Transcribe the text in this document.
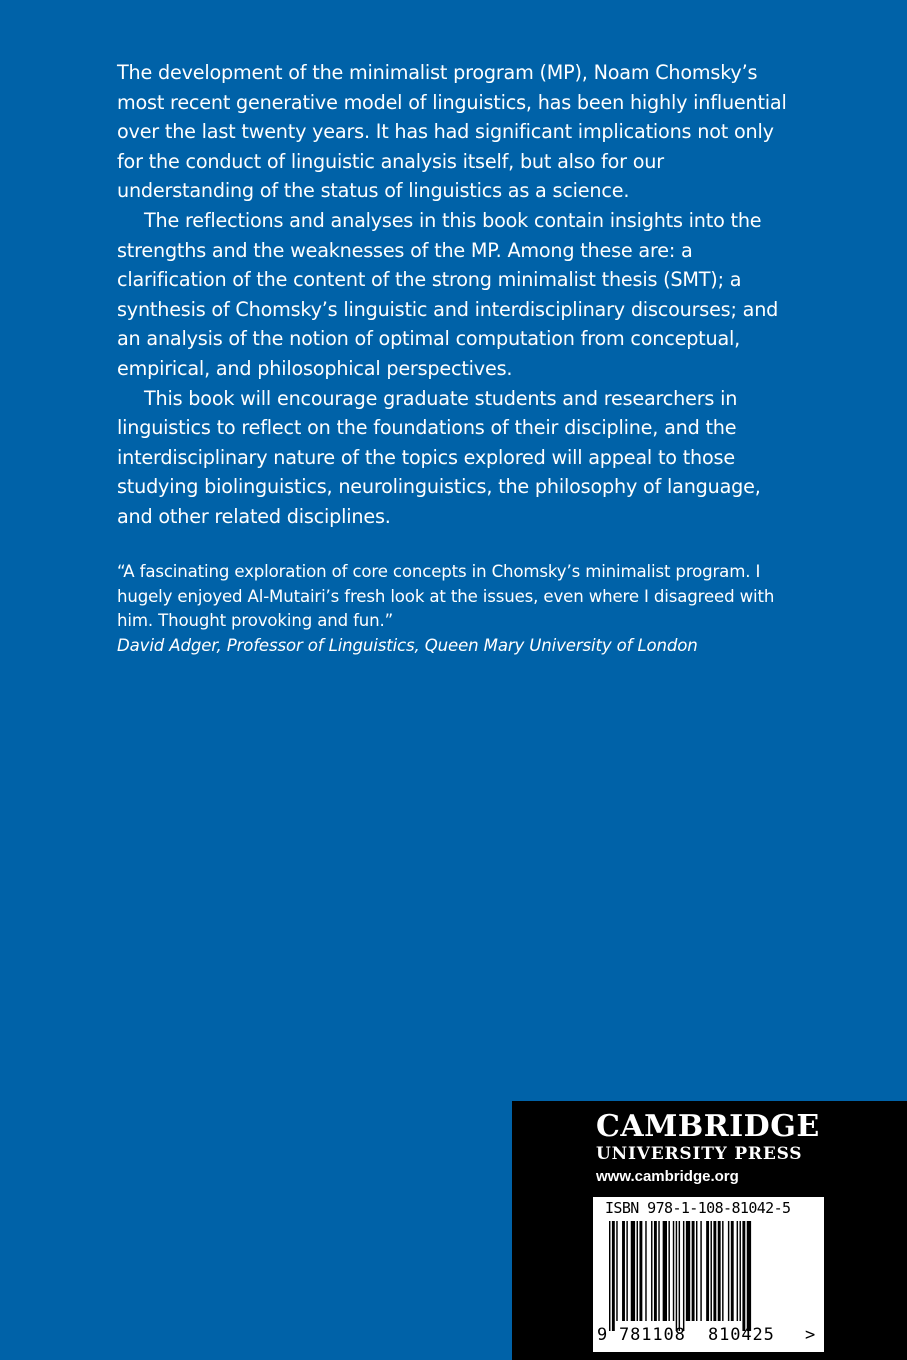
The development of the minimalist program (MP), Noam Chomsky’s most recent generative model of linguistics, has been highly influential over the last twenty years. It has had significant implications not only for the conduct of linguistic analysis itself, but also for our understanding of the status of linguistics as a science.

The reflections and analyses in this book contain insights into the strengths and the weaknesses of the MP. Among these are: a clarification of the content of the strong minimalist thesis (SMT); a synthesis of Chomsky’s linguistic and interdisciplinary discourses; and an analysis of the notion of optimal computation from conceptual, empirical, and philosophical perspectives.

This book will encourage graduate students and researchers in linguistics to reflect on the foundations of their discipline, and the interdisciplinary nature of the topics explored will appeal to those studying biolinguistics, neurolinguistics, the philosophy of language, and other related disciplines.

“A fascinating exploration of core concepts in Chomsky’s minimalist program. I hugely enjoyed Al-Mutairi’s fresh look at the issues, even where I disagreed with him. Thought provoking and fun.”

David Adger, Professor of Linguistics, Queen Mary University of London

CAMBRIDGE
UNIVERSITY PRESS
www.cambridge.org
ISBN 978-1-108-81042-5
9 781108 810425 >
